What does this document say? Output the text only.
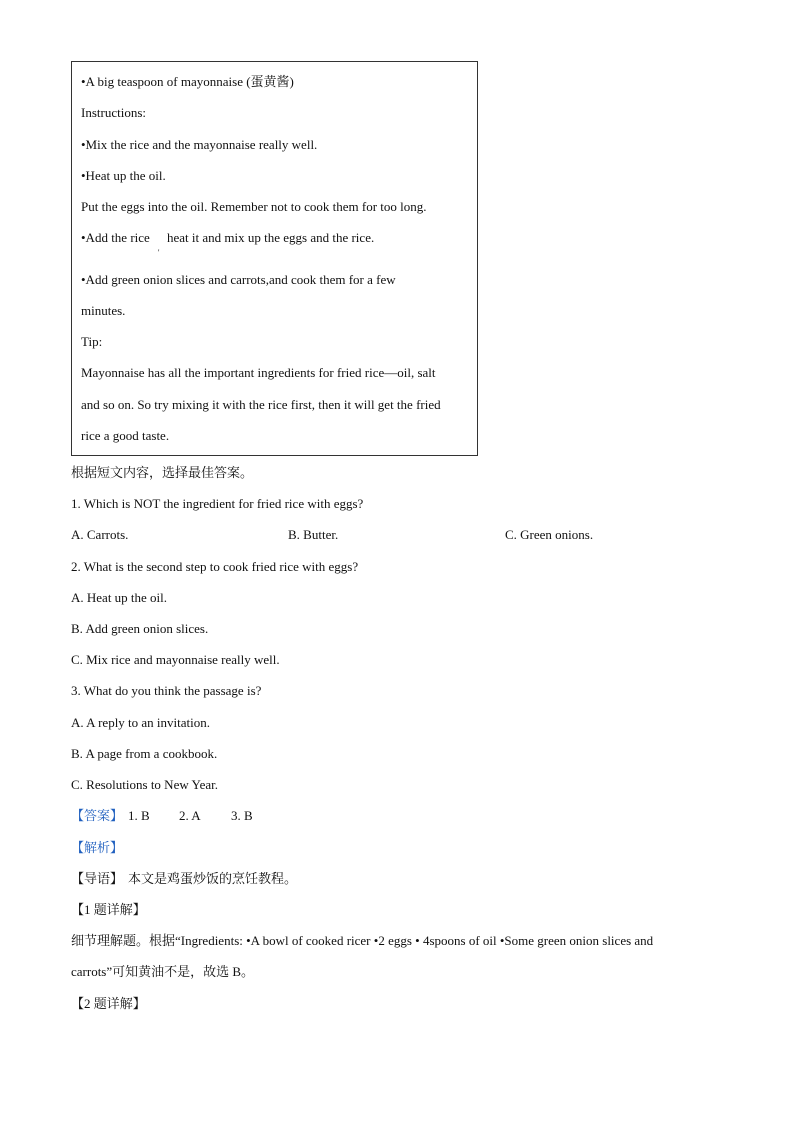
•A big teaspoon of mayonnaise (蛋黄酱)
Instructions:
•Mix the rice and the mayonnaise really well.
•Heat up the oil.
Put the eggs into the oil. Remember not to cook them for too long.
•Add the rice heat it and mix up the eggs and the rice.
'
•Add green onion slices and carrots,and cook them for a few
minutes.
Tip:
Mayonnaise has all the important ingredients for fried rice—oil, salt
and so on. So try mixing it with the rice first, then it will get the fried
rice a good taste.
根据短文内容，选择最佳答案。
1. Which is NOT the ingredient for fried rice with eggs?
A. Carrots.	B. Butter.	C. Green onions.
2. What is the second step to cook fried rice with eggs?
A. Heat up the oil.
B. Add green onion slices.
C. Mix rice and mayonnaise really well.
3. What do you think the passage is?
A. A reply to an invitation.
B. A page from a cookbook.
C. Resolutions to New Year.
【答案】 1. B 2. A 3. B
【解析】
【导语】 本文是鸡蛋炒饭的烹饪教程。
【1 题详解】
细节理解题。根据“Ingredients: •A bowl of cooked ricer •2 eggs • 4spoons of oil •Some green onion slices and
carrots”可知黄油不是，故选 B。
【2 题详解】
